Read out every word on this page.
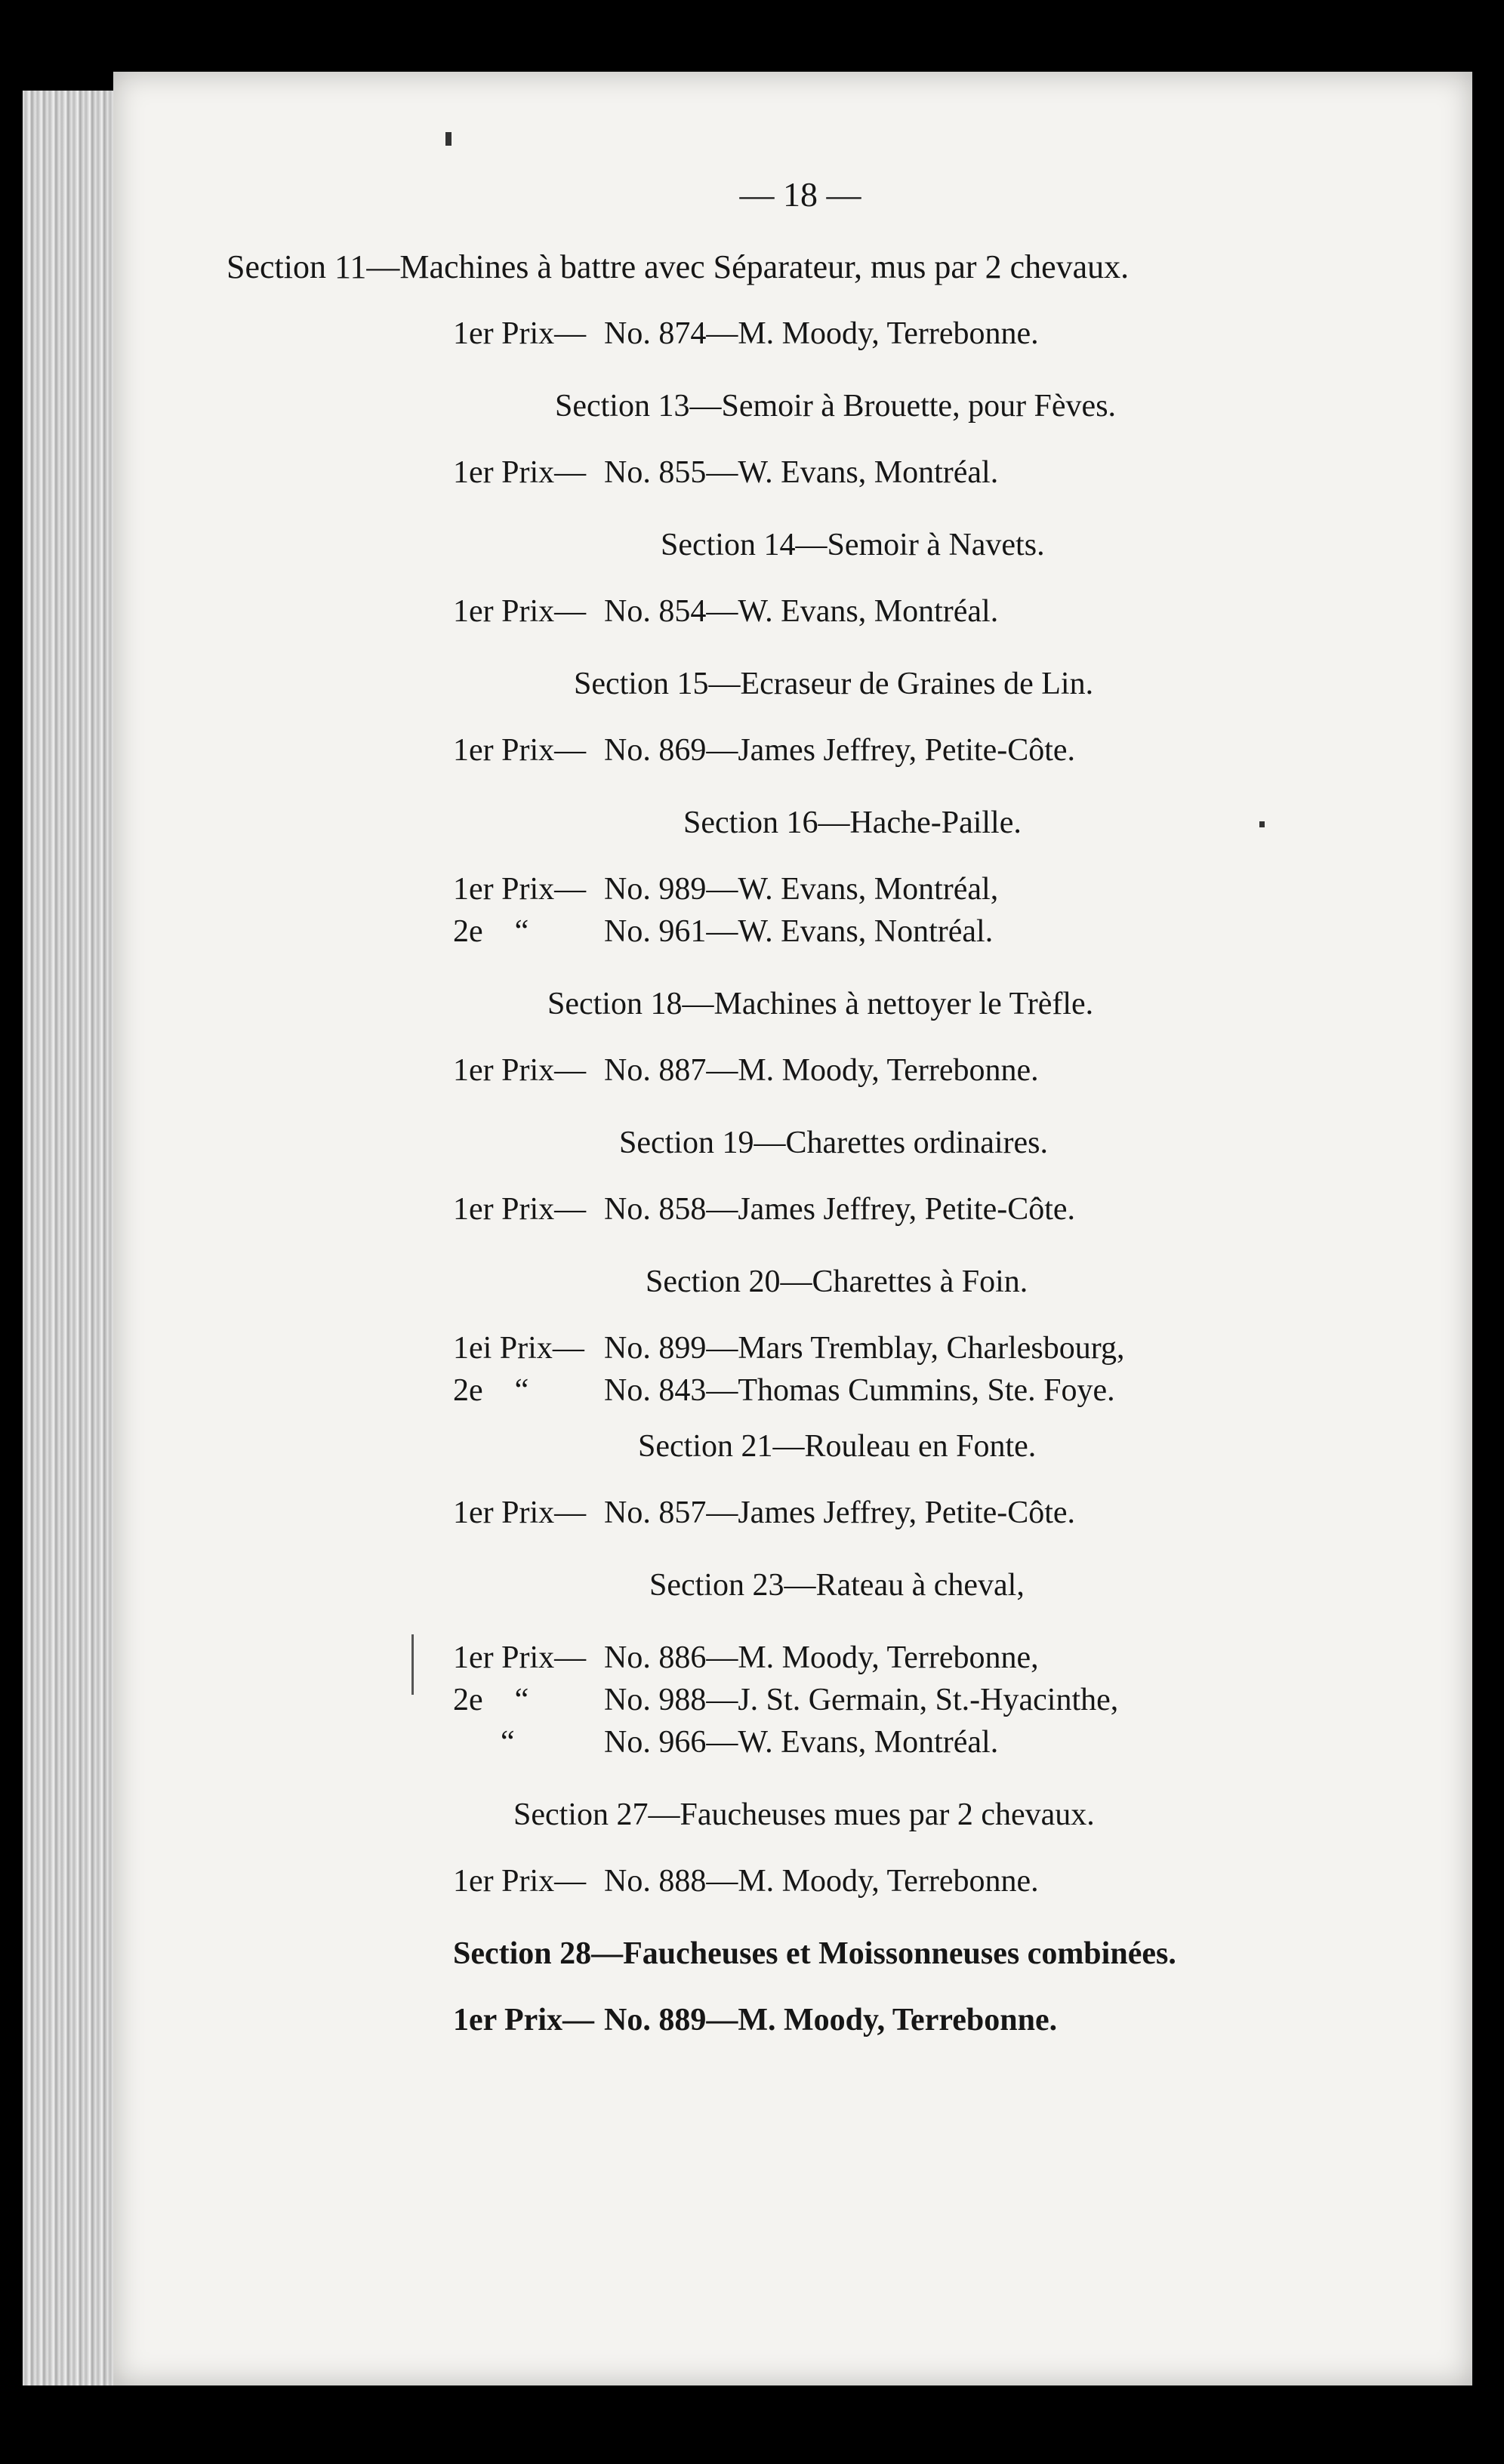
— 18 —
Section 11—Machines à battre avec Séparateur, mus par 2 chevaux.
1er Prix— No. 874—M. Moody, Terrebonne.
Section 13—Semoir à Brouette, pour Fèves.
1er Prix— No. 855—W. Evans, Montréal.
Section 14—Semoir à Navets.
1er Prix— No. 854—W. Evans, Montréal.
Section 15—Ecraseur de Graines de Lin.
1er Prix— No. 869—James Jeffrey, Petite-Côte.
Section 16—Hache-Paille.
1er Prix— No. 989—W. Evans, Montréal,
2e    “	No. 961—W. Evans, Nontréal.
Section 18—Machines à nettoyer le Trèfle.
1er Prix— No. 887—M. Moody, Terrebonne.
Section 19—Charettes ordinaires.
1er Prix— No. 858—James Jeffrey, Petite-Côte.
Section 20—Charettes à Foin.
1ei Prix— No. 899—Mars Tremblay, Charlesbourg,
2e    “	No. 843—Thomas Cummins, Ste. Foye.
Section 21—Rouleau en Fonte.
1er Prix— No. 857—James Jeffrey, Petite-Côte.
Section 23—Rateau à cheval,
1er Prix— No. 886—M. Moody, Terrebonne,
2e    “	No. 988—J. St. Germain, St.-Hyacinthe,
“	No. 966—W. Evans, Montréal.
Section 27—Faucheuses mues par 2 chevaux.
1er Prix— No. 888—M. Moody, Terrebonne.
Section 28—Faucheuses et Moissonneuses combinées.
1er Prix— No. 889—M. Moody, Terrebonne.
